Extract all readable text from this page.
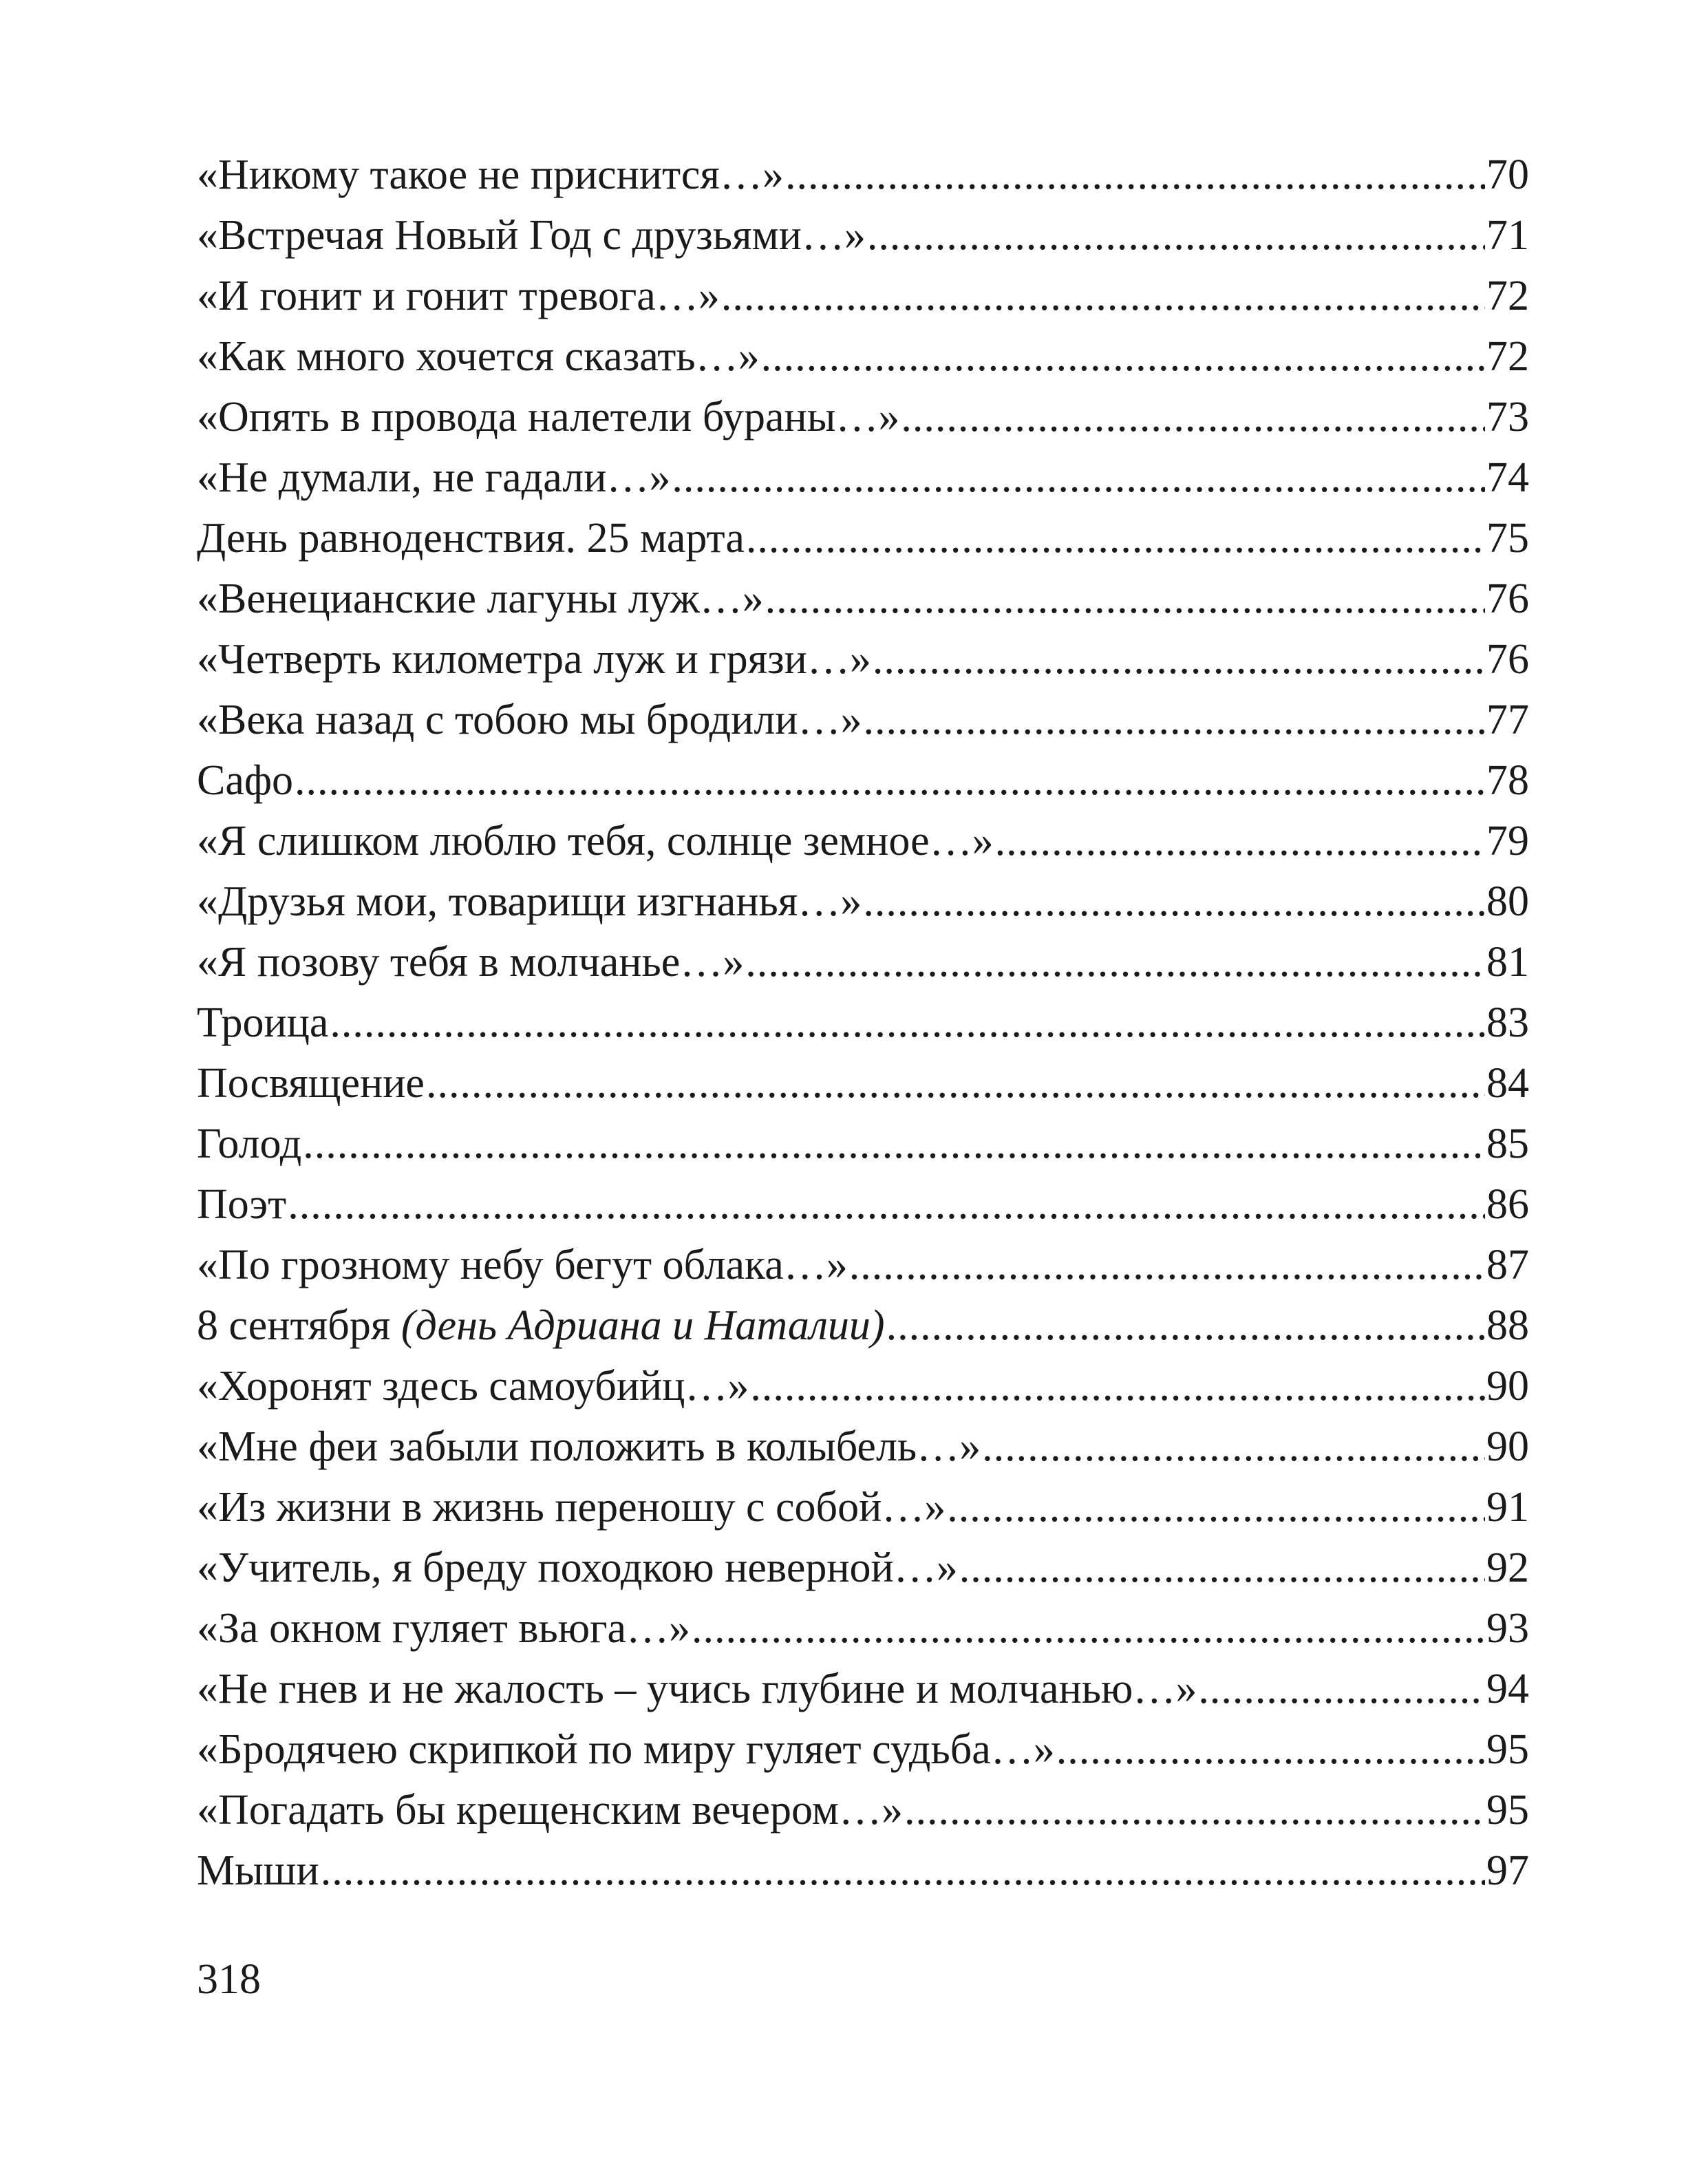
«Никому такое не приснится…» .....	70
«Встречая Новый Год с друзьями…» .....	71
«И гонит и гонит тревога…» .....	72
«Как много хочется сказать…» .....	72
«Опять в провода налетели бураны…» .....	73
«Не думали, не гадали…» .....	74
День равноденствия. 25 марта .....	75
«Венецианские лагуны луж…» .....	76
«Четверть километра луж и грязи…» .....	76
«Века назад с тобою мы бродили…» .....	77
Сафо .....	78
«Я слишком люблю тебя, солнце земное…» .....	79
«Друзья мои, товарищи изгнанья…» .....	80
«Я позову тебя в молчанье…» .....	81
Троица .....	83
Посвящение .....	84
Голод .....	85
Поэт .....	86
«По грозному небу бегут облака…» .....	87
8 сентября (день Адриана и Наталии) .....	88
«Хоронят здесь самоубийц…» .....	90
«Мне феи забыли положить в колыбель…» .....	90
«Из жизни в жизнь переношу с собой…» .....	91
«Учитель, я бреду походкою неверной…» .....	92
«За окном гуляет вьюга…» .....	93
«Не гнев и не жалость – учись глубине и молчанью…» .....	94
«Бродячею скрипкой по миру гуляет судьба…» .....	95
«Погадать бы крещенским вечером…» .....	95
Мыши .....	97
318
